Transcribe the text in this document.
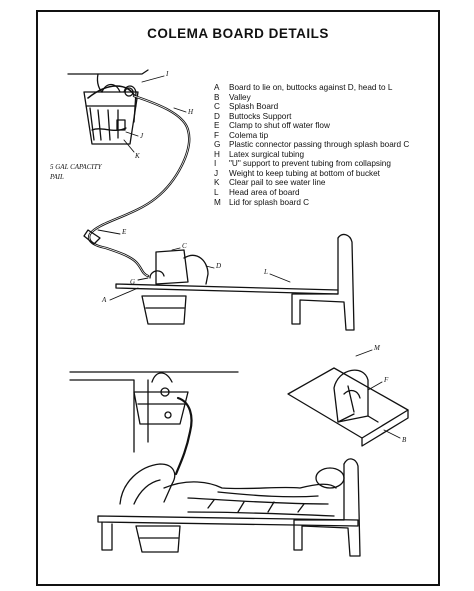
COLEMA BOARD DETAILS
A	Board to lie on, buttocks against D, head to L
B	Valley
C	Splash Board
D	Buttocks Support
E	Clamp to shut off water flow
F	Colema tip
G	Plastic connector passing through splash board C
H	Latex surgical tubing
I	"U" support to prevent tubing from collapsing
J	Weight to keep tubing at bottom of bucket
K	Clear pail to see water line
L	Head area of board
M Lid for splash board C
I
H
J
K
5 GAL CAPACITY PAIL
E
C
D
G
L
A
M
F
B
